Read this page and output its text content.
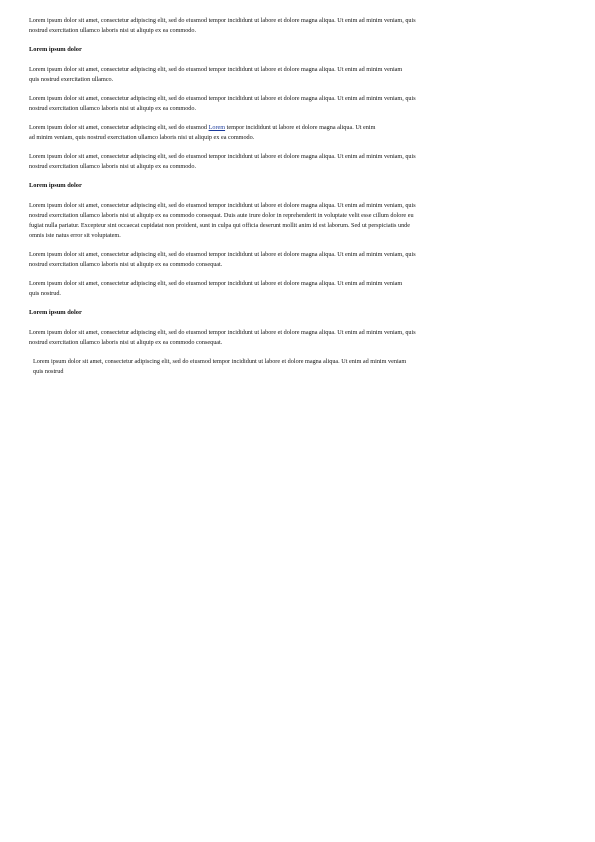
Lorem ipsum dolor sit amet, consectetur adipiscing elit, sed do eiusmod tempor incididunt ut labore et dolore magna aliqua. Ut enim ad minim veniam, quis
nostrud exercitation ullamco laboris nisi ut aliquip ex ea commodo.
Lorem ipsum dolor
Lorem ipsum dolor sit amet, consectetur adipiscing elit, sed do eiusmod tempor incididunt ut labore et dolore magna aliqua. Ut enim ad minim veniam
quis nostrud exercitation ullamco.
Lorem ipsum dolor sit amet, consectetur adipiscing elit, sed do eiusmod tempor incididunt ut labore et dolore magna aliqua. Ut enim ad minim veniam, quis
nostrud exercitation ullamco laboris nisi ut aliquip ex ea commodo.
Lorem ipsum dolor sit amet, consectetur adipiscing elit, sed do eiusmod Lorem tempor incididunt ut labore et dolore magna aliqua. Ut enim
ad minim veniam, quis nostrud exercitation ullamco laboris nisi ut aliquip ex ea commodo.
Lorem ipsum dolor sit amet, consectetur adipiscing elit, sed do eiusmod tempor incididunt ut labore et dolore magna aliqua. Ut enim ad minim veniam, quis
nostrud exercitation ullamco laboris nisi ut aliquip ex ea commodo.
Lorem ipsum dolor
Lorem ipsum dolor sit amet, consectetur adipiscing elit, sed do eiusmod tempor incididunt ut labore et dolore magna aliqua. Ut enim ad minim veniam, quis
nostrud exercitation ullamco laboris nisi ut aliquip ex ea commodo consequat. Duis aute irure dolor in reprehenderit in voluptate velit esse cillum dolore eu
fugiat nulla pariatur. Excepteur sint occaecat cupidatat non proident, sunt in culpa qui officia deserunt mollit anim id est laborum. Sed ut perspiciatis unde
omnis iste natus error sit voluptatem.
Lorem ipsum dolor sit amet, consectetur adipiscing elit, sed do eiusmod tempor incididunt ut labore et dolore magna aliqua. Ut enim ad minim veniam, quis
nostrud exercitation ullamco laboris nisi ut aliquip ex ea commodo consequat.
Lorem ipsum dolor sit amet, consectetur adipiscing elit, sed do eiusmod tempor incididunt ut labore et dolore magna aliqua. Ut enim ad minim veniam
quis nostrud.
Lorem ipsum dolor
Lorem ipsum dolor sit amet, consectetur adipiscing elit, sed do eiusmod tempor incididunt ut labore et dolore magna aliqua. Ut enim ad minim veniam, quis
nostrud exercitation ullamco laboris nisi ut aliquip ex ea commodo consequat.
Lorem ipsum dolor sit amet, consectetur adipiscing elit, sed do eiusmod tempor incididunt ut labore et dolore magna aliqua. Ut enim ad minim veniam
quis nostrud
